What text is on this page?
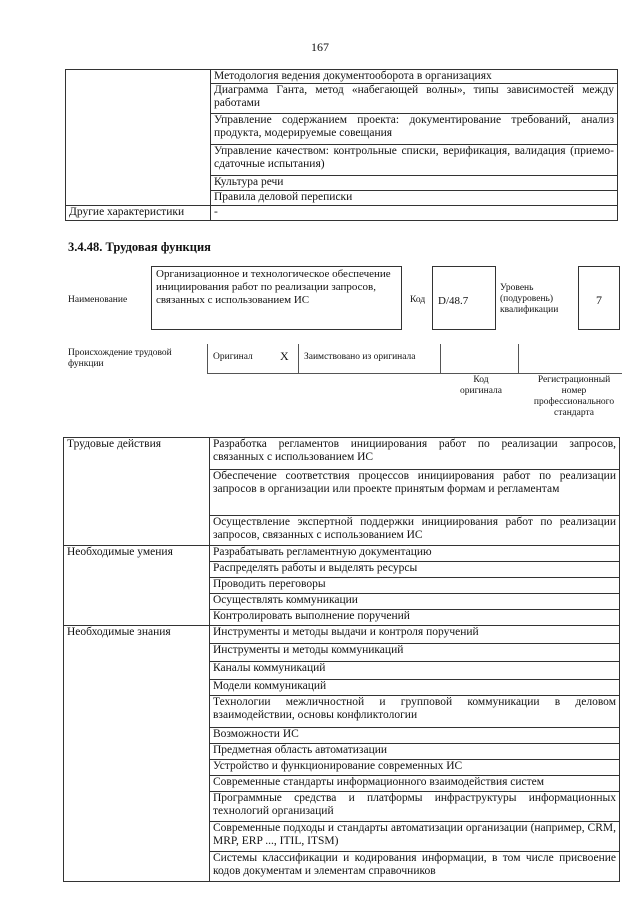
167
	Методология ведения документооборота в организациях
	Диаграмма Ганта, метод «набегающей волны», типы зависимостей между работами
	Управление содержанием проекта: документирование требований, анализ продукта, модерируемые совещания
	Управление качеством: контрольные списки, верификация, валидация (приемо-сдаточные испытания)
	Культура речи
	Правила деловой переписки
Другие характеристики	-
3.4.48. Трудовая функция
Наименование
Организационное и технологическое обеспечение инициирования работ по реализации запросов, связанных с использованием ИС	Код	D/48.7
Уровень (подуровень) квалификации
7
Происхождение трудовой функции
Оригинал X Заимствовано из оригинала
Код оригинала
Регистрационный номер профессионального стандарта
Трудовые действия	Разработка регламентов инициирования работ по реализации запросов, связанных с использованием ИС
	Обеспечение соответствия процессов инициирования работ по реализации запросов в организации или проекте принятым формам и регламентам
	Осуществление экспертной поддержки инициирования работ по реализации запросов, связанных с использованием ИС
Необходимые умения	Разрабатывать регламентную документацию
	Распределять работы и выделять ресурсы
	Проводить переговоры
	Осуществлять коммуникации
	Контролировать выполнение поручений
Необходимые знания	Инструменты и методы выдачи и контроля поручений
	Инструменты и методы коммуникаций
	Каналы коммуникаций
	Модели коммуникаций
	Технологии межличностной и групповой коммуникации в деловом взаимодействии, основы конфликтологии
	Возможности ИС
	Предметная область автоматизации
	Устройство и функционирование современных ИС
	Современные стандарты информационного взаимодействия систем
	Программные средства и платформы инфраструктуры информационных технологий организаций
	Современные подходы и стандарты автоматизации организации (например, CRM, MRP, ERP ..., ITIL, ITSM)
	Системы классификации и кодирования информации, в том числе присвоение кодов документам и элементам справочников
